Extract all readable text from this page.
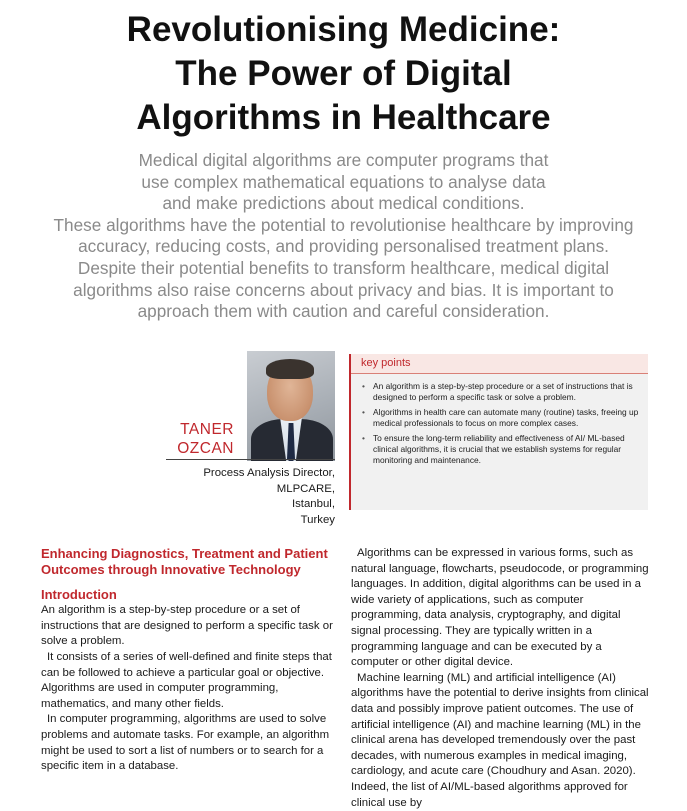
Revolutionising Medicine:
The Power of Digital
Algorithms in Healthcare
Medical digital algorithms are computer programs that
use complex mathematical equations to analyse data
and make predictions about medical conditions.
These algorithms have the potential to revolutionise healthcare by improving
accuracy, reducing costs, and providing personalised treatment plans.
Despite their potential benefits to transform healthcare, medical digital
algorithms also raise concerns about privacy and bias. It is important to
approach them with caution and careful consideration.
TANER
OZCAN
Process Analysis Director,
MLPCARE,
Istanbul,
Turkey
key points
• An algorithm is a step-by-step procedure or a set of instructions that is designed to perform a specific task or solve a problem.
• Algorithms in health care can automate many (routine) tasks, freeing up medical professionals to focus on more complex cases.
• To ensure the long-term reliability and effectiveness of AI/ ML-based clinical algorithms, it is crucial that we establish systems for regular monitoring and maintenance.
Enhancing Diagnostics, Treatment and Patient Outcomes through Innovative Technology
Introduction

An algorithm is a step-by-step procedure or a set of instructions that are designed to perform a specific task or solve a problem.

It consists of a series of well-defined and finite steps that can be followed to achieve a particular goal or objective. Algorithms are used in computer programming, mathematics, and many other fields.

In computer programming, algorithms are used to solve problems and automate tasks. For example, an algorithm might be used to sort a list of numbers or to search for a specific item in a database.

Algorithms can be expressed in various forms, such as natural language, flowcharts, pseudocode, or programming languages. In addition, digital algorithms can be used in a wide variety of applications, such as computer programming, data analysis, cryptography, and digital signal processing. They are typically written in a programming language and can be executed by a computer or other digital device.

Machine learning (ML) and artificial intelligence (AI) algorithms have the potential to derive insights from clinical data and possibly improve patient outcomes. The use of artificial intelligence (AI) and machine learning (ML) in the clinical arena has developed tremendously over the past decades, with numerous examples in medical imaging, cardiology, and acute care (Choudhury and Asan. 2020). Indeed, the list of AI/ML-based algorithms approved for clinical use by
